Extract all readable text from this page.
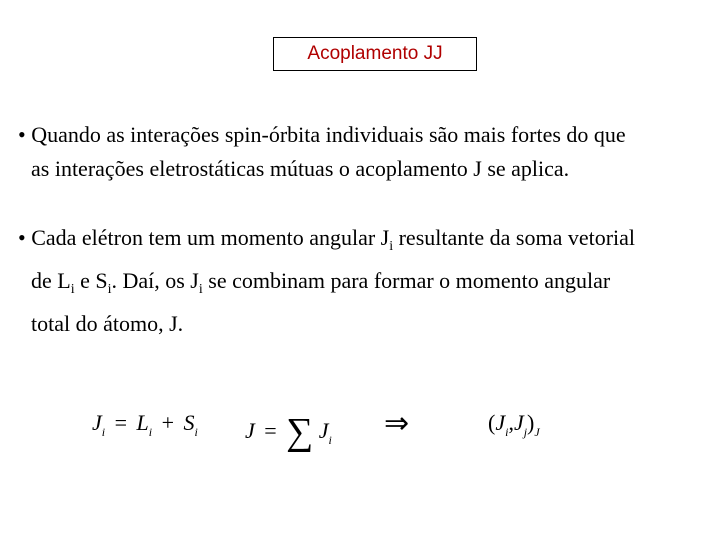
Acoplamento JJ
• Quando as interações spin-órbita individuais são mais fortes do que
as interações eletrostáticas mútuas o acoplamento J se aplica.
• Cada elétron tem um momento angular $J_i$ resultante da soma vetorial
de $L_i$ e $S_i$. Daí, os $J_i$ se combinam para formar o momento angular
total do átomo, J.
$J_i = L_i + S_i$ J = ∑ $J_i$ ⇒	$(J_i,J_j)_J$
